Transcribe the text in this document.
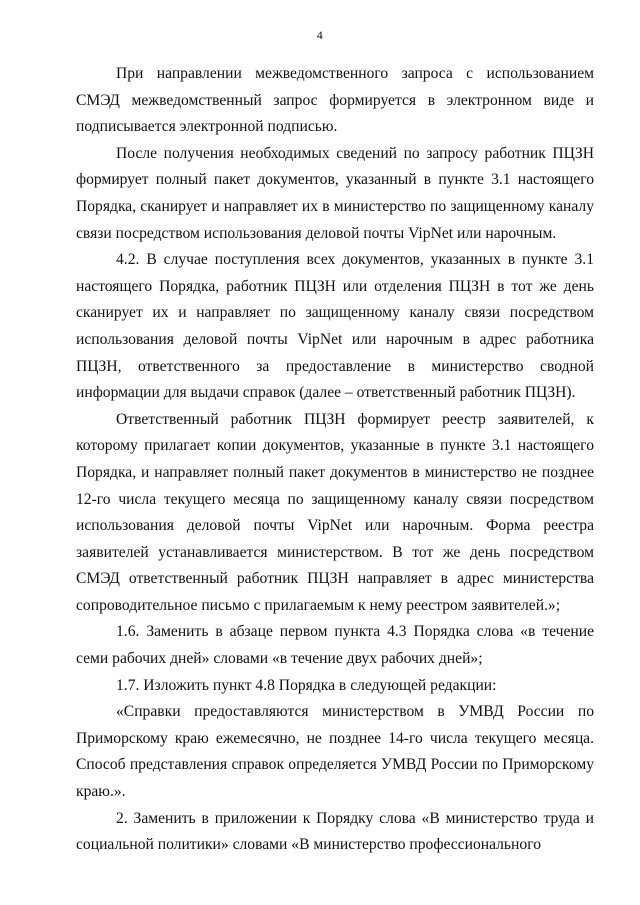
4

При направлении межведомственного запроса с использованием СМЭД межведомственный запрос формируется в электронном виде и подписывается электронной подписью.

После получения необходимых сведений по запросу работник ПЦЗН формирует полный пакет документов, указанный в пункте 3.1 настоящего Порядка, сканирует и направляет их в министерство по защищенному каналу связи посредством использования деловой почты VipNet или нарочным.

4.2. В случае поступления всех документов, указанных в пункте 3.1 настоящего Порядка, работник ПЦЗН или отделения ПЦЗН в тот же день сканирует их и направляет по защищенному каналу связи посредством использования деловой почты VipNet или нарочным в адрес работника ПЦЗН, ответственного за предоставление в министерство сводной информации для выдачи справок (далее – ответственный работник ПЦЗН).

Ответственный работник ПЦЗН формирует реестр заявителей, к которому прилагает копии документов, указанные в пункте 3.1 настоящего Порядка, и направляет полный пакет документов в министерство не позднее 12-го числа текущего месяца по защищенному каналу связи посредством использования деловой почты VipNet или нарочным. Форма реестра заявителей устанавливается министерством. В тот же день посредством СМЭД ответственный работник ПЦЗН направляет в адрес министерства сопроводительное письмо с прилагаемым к нему реестром заявителей.»;

1.6. Заменить в абзаце первом пункта 4.3 Порядка слова «в течение семи рабочих дней» словами «в течение двух рабочих дней»;

1.7. Изложить пункт 4.8 Порядка в следующей редакции:

«Справки предоставляются министерством в УМВД России по Приморскому краю ежемесячно, не позднее 14-го числа текущего месяца. Способ представления справок определяется УМВД России по Приморскому краю.».

2. Заменить в приложении к Порядку слова «В министерство труда и социальной политики» словами «В министерство профессионального
